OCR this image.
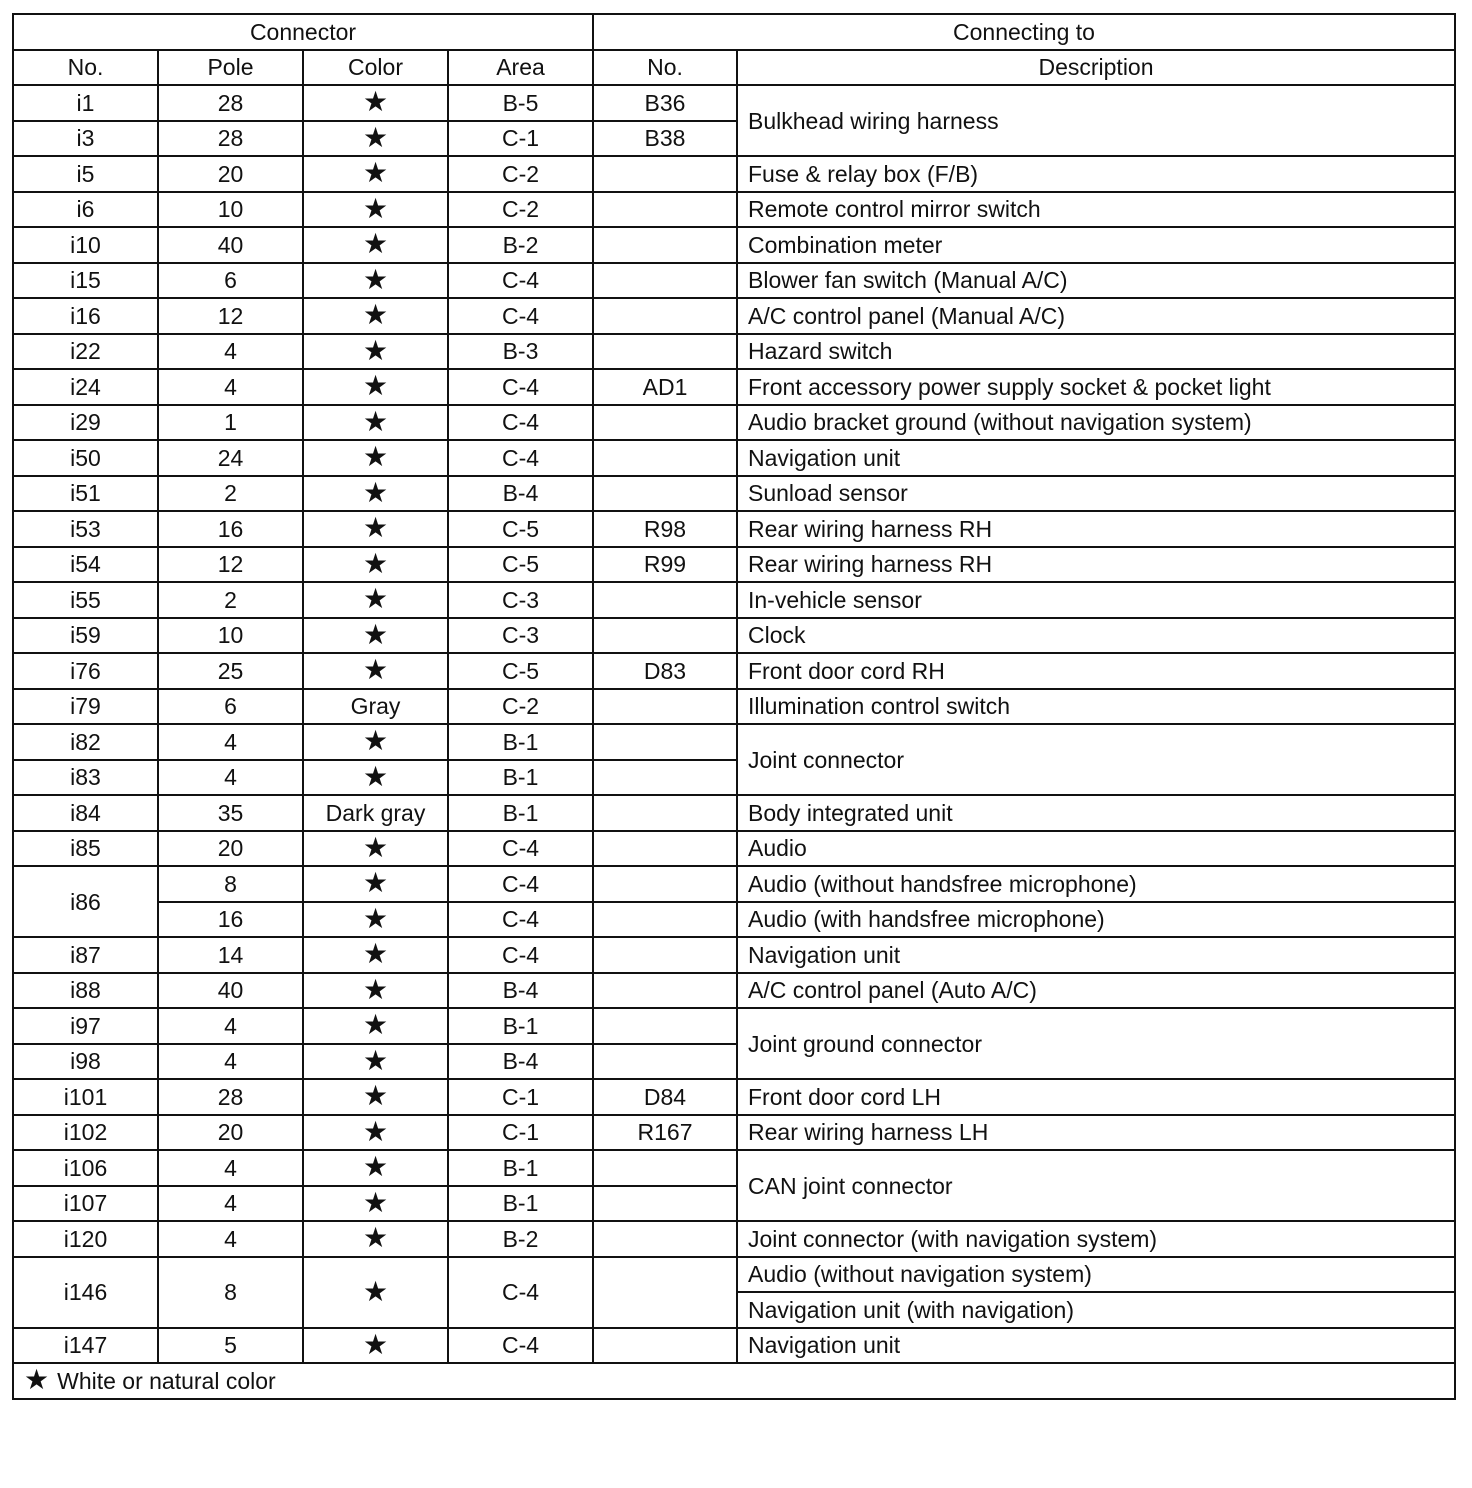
Connector				Connecting to	
No.	Pole	Color	Area	No.	Description
i1	28	★	B-5	B36	Bulkhead wiring harness
i3	28	★	C-1	B38	
i5	20	★	C-2		Fuse & relay box (F/B)
i6	10	★	C-2		Remote control mirror switch
i10	40	★	B-2		Combination meter
i15	6	★	C-4		Blower fan switch (Manual A/C)
i16	12	★	C-4		A/C control panel (Manual A/C)
i22	4	★	B-3		Hazard switch
i24	4	★	C-4	AD1	Front accessory power supply socket & pocket light
i29	1	★	C-4		Audio bracket ground (without navigation system)
i50	24	★	C-4		Navigation unit
i51	2	★	B-4		Sunload sensor
i53	16	★	C-5	R98	Rear wiring harness RH
i54	12	★	C-5	R99	Rear wiring harness RH
i55	2	★	C-3		In-vehicle sensor
i59	10	★	C-3		Clock
i76	25	★	C-5	D83	Front door cord RH
i79	6	Gray	C-2		Illumination control switch
i82	4	★	B-1		Joint connector
i83	4	★	B-1		
i84	35	Dark gray	B-1		Body integrated unit
i85	20	★	C-4		Audio
i86	8	★	C-4		Audio (without handsfree microphone)
	16	★	C-4		Audio (with handsfree microphone)
i87	14	★	C-4		Navigation unit
i88	40	★	B-4		A/C control panel (Auto A/C)
i97	4	★	B-1		Joint ground connector
i98	4	★	B-4		
i101	28	★	C-1	D84	Front door cord LH
i102	20	★	C-1	R167	Rear wiring harness LH
i106	4	★	B-1		CAN joint connector
i107	4	★	B-1		
i120	4	★	B-2		Joint connector (with navigation system)
i146	8	★	C-4		Audio (without navigation system)
					Navigation unit (with navigation)
i147	5	★	C-4		Navigation unit
★ White or natural color					
